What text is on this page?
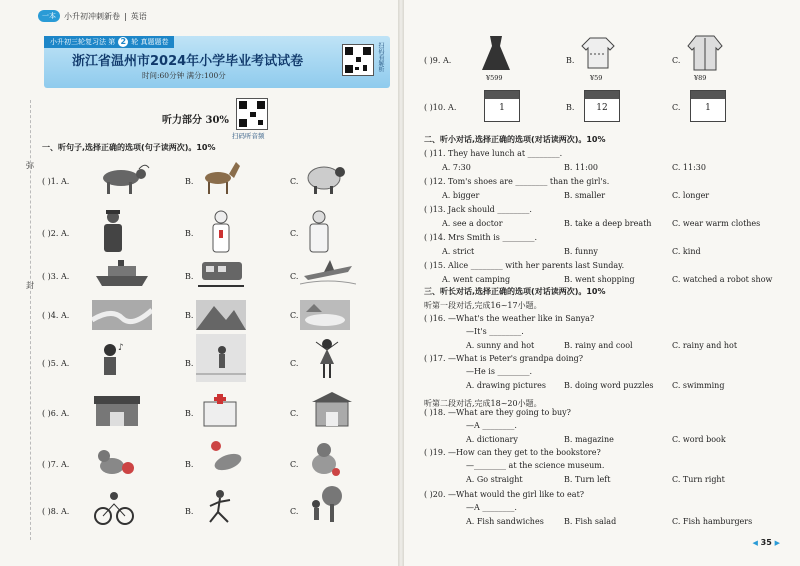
一本	小升初冲刺新卷 | 英语
弥
封
小升初三轮复习法 第 2 轮 真题题卷
浙江省温州市2024年小学毕业考试试卷
时间:60分钟 满分:100分
扫码看解析
听力部分 30%
扫码听音频
一、听句子,选择正确的选项(句子读两次)。10%
( )1. A.	B.	C.
( )2. A.	B.	C.
( )3. A.	B.	C.
( )4. A.	B.	C.
( )5. A.	B.	C.
♪
( )6. A.	B.	C.
( )7. A.	B.	C.
( )8. A.	B.	C.
( )9. A.	B.	C.
¥599	¥59	¥89
( )10. A.	B.	C.
1	12	1
二、听小对话,选择正确的选项(对话读两次)。10%
( )11. They have lunch at ________.
A. 7:30	B. 11:00	C. 11:30
( )12. Tom's shoes are ________ than the girl's.
A. bigger	B. smaller	C. longer
( )13. Jack should ________.
A. see a doctor	B. take a deep breath	C. wear warm clothes
( )14. Mrs Smith is ________.
A. strict	B. funny	C. kind
( )15. Alice ________ with her parents last Sunday.
A. went camping	B. went shopping	C. watched a robot show
三、听长对话,选择正确的选项(对话读两次)。10%
听第一段对话,完成16~17小题。
听第二段对话,完成18~20小题。
( )16. —What's the weather like in Sanya?
—It's ________.
A. sunny and hot	B. rainy and cool	C. rainy and hot
( )17. —What is Peter's grandpa doing?
—He is ________.
A. drawing pictures B. doing word puzzles C. swimming
( )18. —What are they going to buy?
—A ________.
A. dictionary	B. magazine	C. word book
( )19. —How can they get to the bookstore?
—________ at the science museum.
A. Go straight	B. Turn left	C. Turn right
( )20. —What would the girl like to eat?
—A ________.
A. Fish sandwiches	B. Fish salad	C. Fish hamburgers
◀ 35 ▶
